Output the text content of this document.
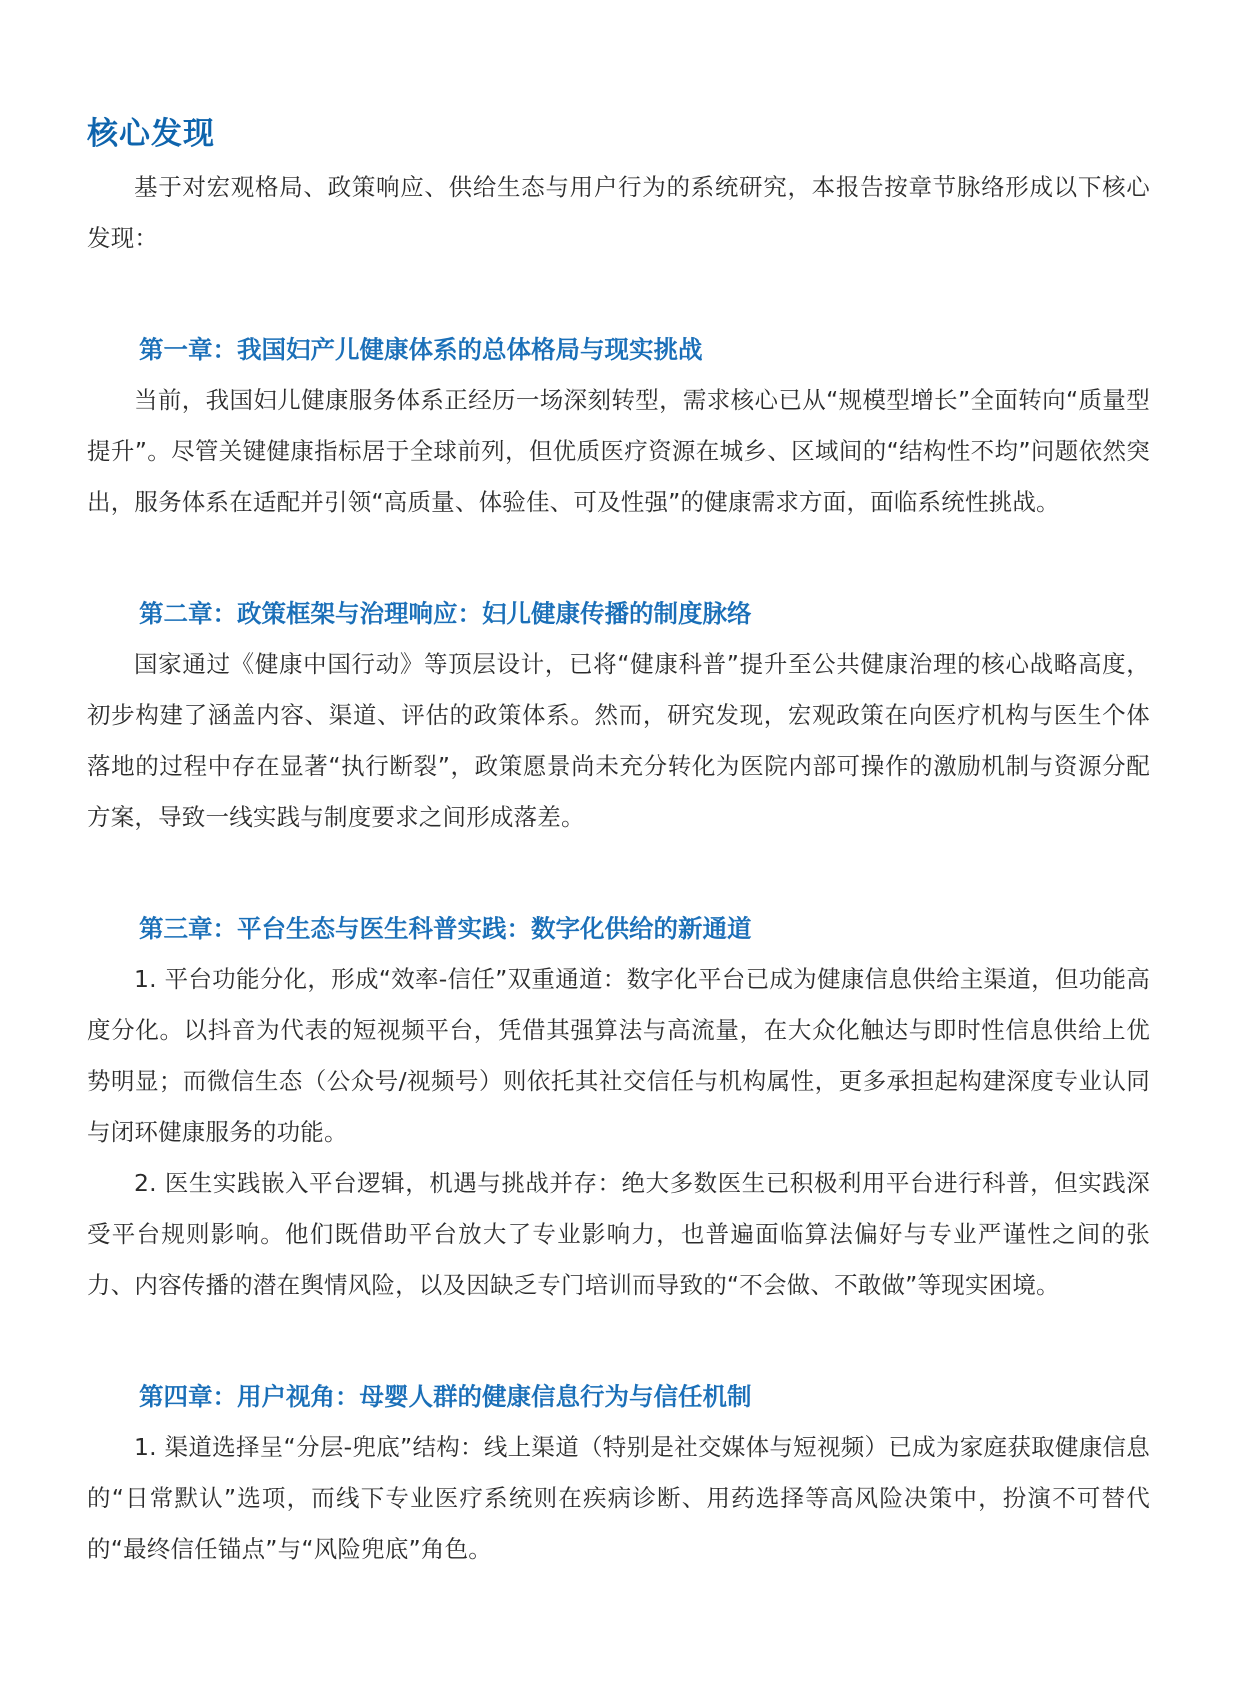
核心发现

基于对宏观格局、政策响应、供给生态与用户行为的系统研究，本报告按章节脉络形成以下核心发现：

第一章：我国妇产儿健康体系的总体格局与现实挑战

当前，我国妇儿健康服务体系正经历一场深刻转型，需求核心已从“规模型增长”全面转向“质量型提升”。尽管关键健康指标居于全球前列，但优质医疗资源在城乡、区域间的“结构性不均”问题依然突出，服务体系在适配并引领“高质量、体验佳、可及性强”的健康需求方面，面临系统性挑战。

第二章：政策框架与治理响应：妇儿健康传播的制度脉络

国家通过《健康中国行动》等顶层设计，已将“健康科普”提升至公共健康治理的核心战略高度，初步构建了涵盖内容、渠道、评估的政策体系。然而，研究发现，宏观政策在向医疗机构与医生个体落地的过程中存在显著“执行断裂”，政策愿景尚未充分转化为医院内部可操作的激励机制与资源分配方案，导致一线实践与制度要求之间形成落差。

第三章：平台生态与医生科普实践：数字化供给的新通道

1. 平台功能分化，形成“效率-信任”双重通道：数字化平台已成为健康信息供给主渠道，但功能高度分化。以抖音为代表的短视频平台，凭借其强算法与高流量，在大众化触达与即时性信息供给上优势明显；而微信生态（公众号/视频号）则依托其社交信任与机构属性，更多承担起构建深度专业认同与闭环健康服务的功能。

2. 医生实践嵌入平台逻辑，机遇与挑战并存：绝大多数医生已积极利用平台进行科普，但实践深受平台规则影响。他们既借助平台放大了专业影响力，也普遍面临算法偏好与专业严谨性之间的张力、内容传播的潜在舆情风险，以及因缺乏专门培训而导致的“不会做、不敢做”等现实困境。

第四章：用户视角：母婴人群的健康信息行为与信任机制

1. 渠道选择呈“分层-兜底”结构：线上渠道（特别是社交媒体与短视频）已成为家庭获取健康信息的“日常默认”选项，而线下专业医疗系统则在疾病诊断、用药选择等高风险决策中，扮演不可替代的“最终信任锚点”与“风险兜底”角色。
